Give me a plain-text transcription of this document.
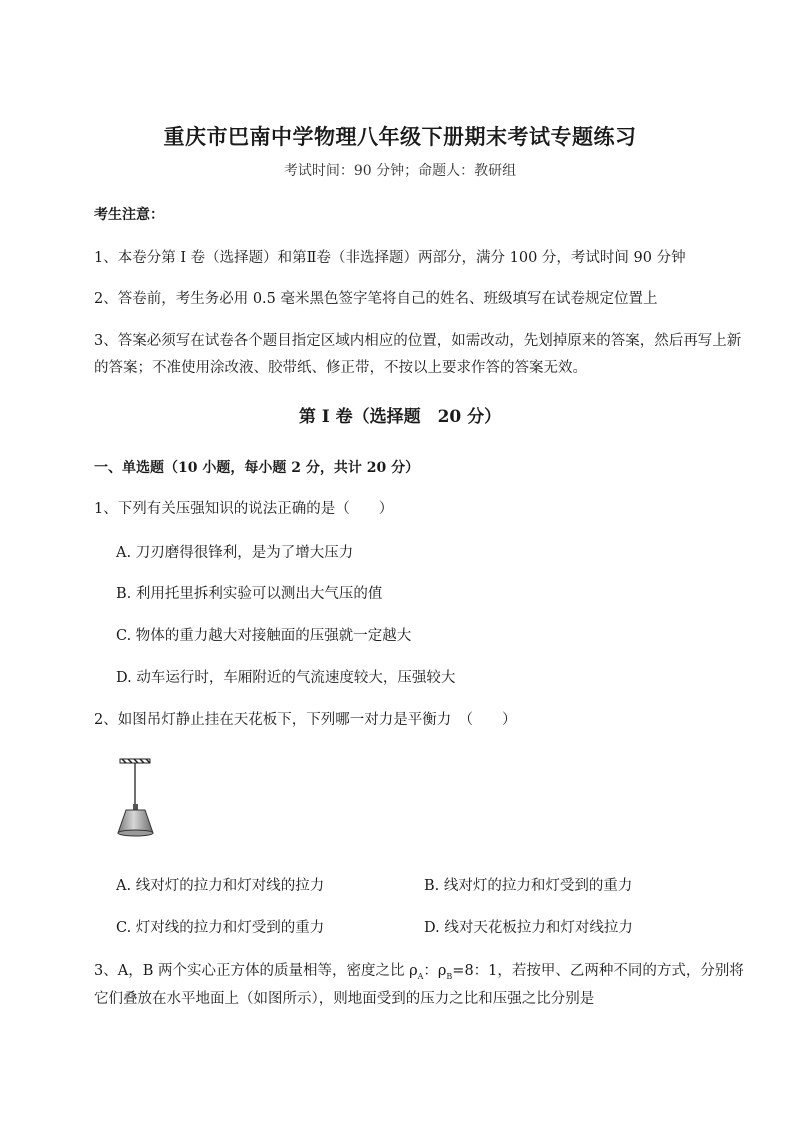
重庆市巴南中学物理八年级下册期末考试专题练习
考试时间：90 分钟；命题人：教研组
考生注意：
1、本卷分第 I 卷（选择题）和第Ⅱ卷（非选择题）两部分，满分 100 分，考试时间 90 分钟
2、答卷前，考生务必用 0.5 毫米黑色签字笔将自己的姓名、班级填写在试卷规定位置上
3、答案必须写在试卷各个题目指定区域内相应的位置，如需改动，先划掉原来的答案，然后再写上新
的答案；不准使用涂改液、胶带纸、修正带，不按以上要求作答的答案无效。
第 I 卷（选择题　20 分）
一、单选题（10 小题，每小题 2 分，共计 20 分）
1、下列有关压强知识的说法正确的是（　　）
A. 刀刃磨得很锋利，是为了增大压力
B. 利用托里拆利实验可以测出大气压的值
C. 物体的重力越大对接触面的压强就一定越大
D. 动车运行时，车厢附近的气流速度较大，压强较大
2、如图吊灯静止挂在天花板下，下列哪一对力是平衡力　（　　）
A. 线对灯的拉力和灯对线的拉力	B. 线对灯的拉力和灯受到的重力
C. 灯对线的拉力和灯受到的重力	D. 线对天花板拉力和灯对线拉力
3、A，B 两个实心正方体的质量相等，密度之比 $\rho_A$：$\rho_B=8$：1，若按甲、乙两种不同的方式，分别将
它们叠放在水平地面上（如图所示），则地面受到的压力之比和压强之比分别是
